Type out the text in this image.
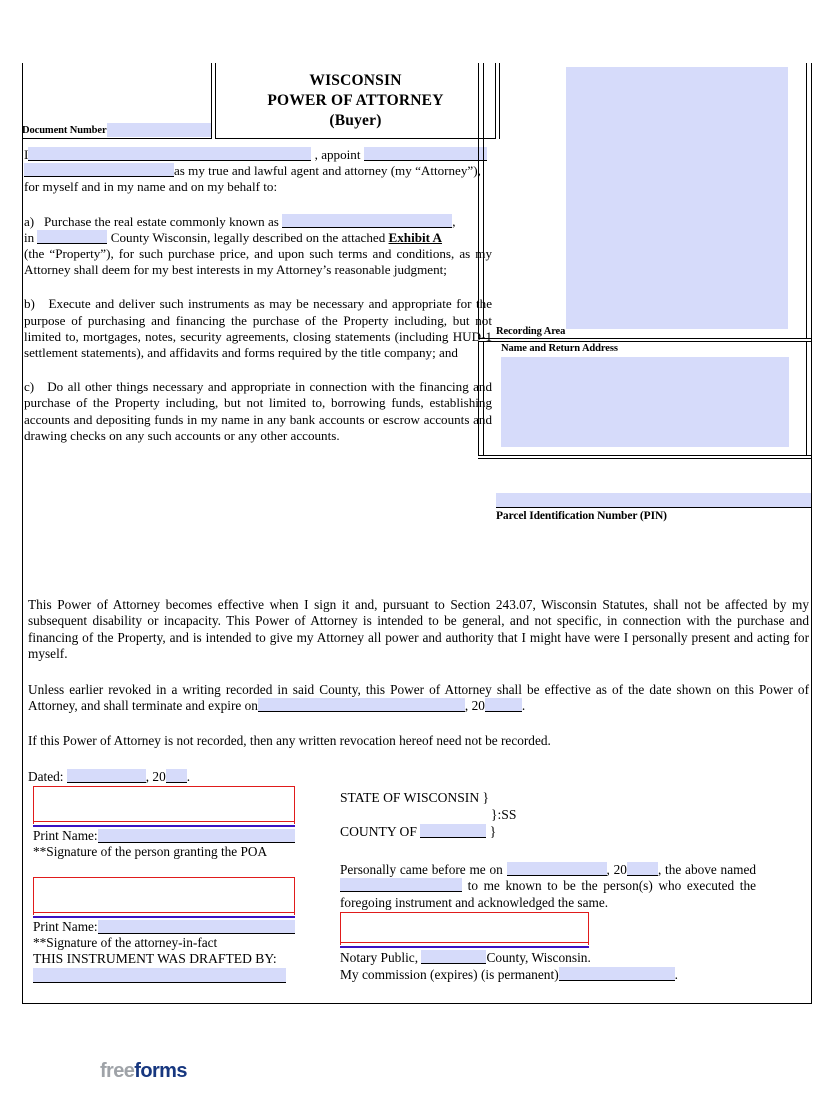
Document Number
WISCONSIN
POWER OF ATTORNEY
(Buyer)

I	, appoint
as my true and lawful agent and attorney (my “Attorney”),
for myself and in my name and on my behalf to:

a) Purchase the real estate commonly known as	,
in	County Wisconsin, legally described on the attached Exhibit A
(the “Property”), for such purchase price, and upon such terms and conditions, as my Attorney shall deem for my best interests in my Attorney’s reasonable judgment;

b) Execute and deliver such instruments as may be necessary and appropriate for the purpose of purchasing and financing the purchase of the Property including, but not limited to, mortgages, notes, security agreements, closing statements (including HUD-1 settlement statements), and affidavits and forms required by the title company; and

c) Do all other things necessary and appropriate in connection with the financing and purchase of the Property including, but not limited to, borrowing funds, establishing accounts and depositing funds in my name in any bank accounts or escrow accounts and drawing checks on any such accounts or any other accounts.

Recording Area
Name and Return Address
Parcel Identification Number (PIN)

This Power of Attorney becomes effective when I sign it and, pursuant to Section 243.07, Wisconsin Statutes, shall not be affected by my subsequent disability or incapacity. This Power of Attorney is intended to be general, and not specific, in connection with the purchase and financing of the Property, and is intended to give my Attorney all power and authority that I might have were I personally present and acting for myself.

Unless earlier revoked in a writing recorded in said County, this Power of Attorney shall be effective as of the date shown on this Power of Attorney, and shall terminate and expire on	, 20	.

If this Power of Attorney is not recorded, then any written revocation hereof need not be recorded.

Dated:	, 20 .

Print Name:
**Signature of the person granting the POA
Print Name:
**Signature of the attorney-in-fact
THIS INSTRUMENT WAS DRAFTED BY:
STATE OF WISCONSIN }
}:SS
COUNTY OF	}
Personally came before me on	, 20 , the above named  to me known to be the person(s) who executed the foregoing instrument and acknowledged the same.
Notary Public,	County, Wisconsin.
My commission (expires) (is permanent)	.
freeforms
